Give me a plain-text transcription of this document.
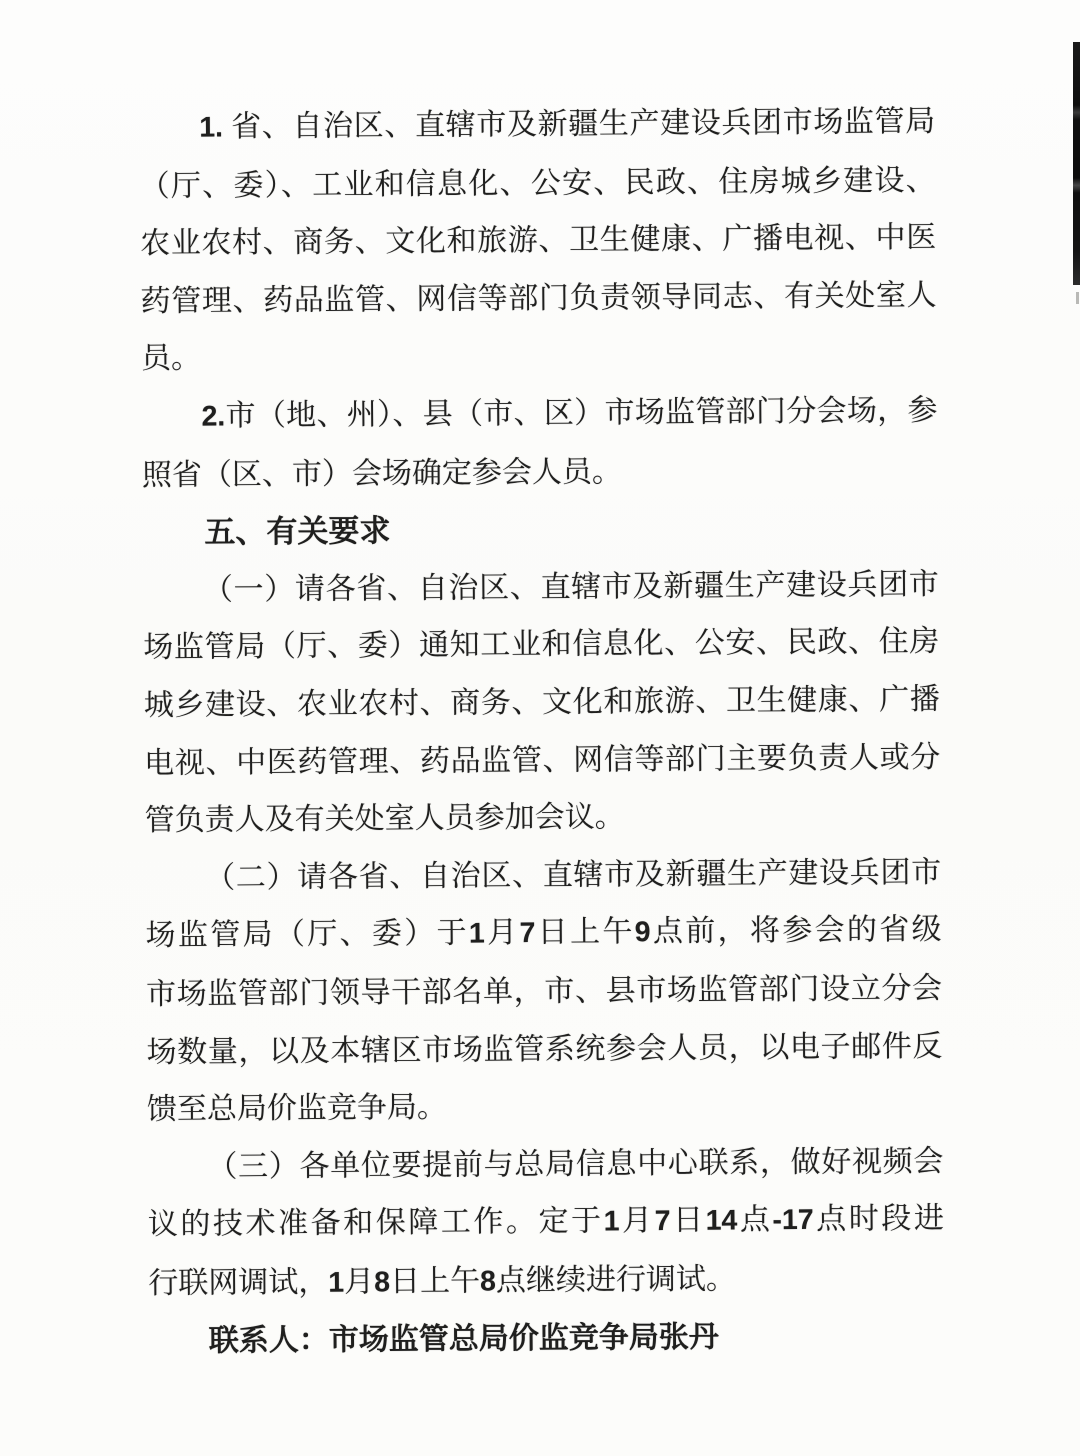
1. 省、自治区、直辖市及新疆生产建设兵团市场监管局
（厅、委）、工业和信息化、公安、民政、住房城乡建设、
农业农村、商务、文化和旅游、卫生健康、广播电视、中医
药管理、药品监管、网信等部门负责领导同志、有关处室人
员。
2.市（地、州）、县（市、区）市场监管部门分会场，参
照省（区、市）会场确定参会人员。
五、有关要求
（一）请各省、自治区、直辖市及新疆生产建设兵团市
场监管局（厅、委）通知工业和信息化、公安、民政、住房
城乡建设、农业农村、商务、文化和旅游、卫生健康、广播
电视、中医药管理、药品监管、网信等部门主要负责人或分
管负责人及有关处室人员参加会议。
（二）请各省、自治区、直辖市及新疆生产建设兵团市
场监管局（厅、委）于1月7日上午9点前，将参会的省级
市场监管部门领导干部名单，市、县市场监管部门设立分会
场数量，以及本辖区市场监管系统参会人员，以电子邮件反
馈至总局价监竞争局。
（三）各单位要提前与总局信息中心联系，做好视频会
议的技术准备和保障工作。定于1月7日14点-17点时段进
行联网调试，1月8日上午8点继续进行调试。
联系人：市场监管总局价监竞争局张丹
